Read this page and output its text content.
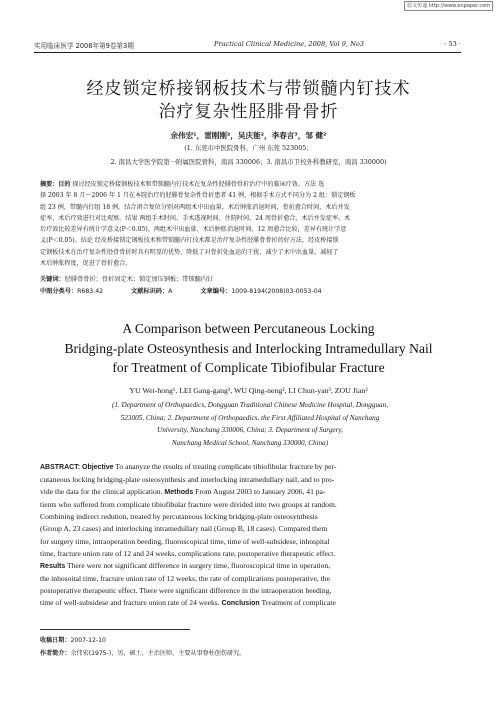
原文传递 http://www.enpaper.com
实用临床医学 2008年第9卷第3期	Practical Clinical Medicine, 2008, Vol 9, No3	· 53 ·
经皮锁定桥接钢板技术与带锁髓内钉技术
治疗复杂性胫腓骨骨折
余伟宏¹，雷刚刚²，吴庆能²，李春言³，邹 健²
(1. 东莞市中医院骨科，广州 东莞 523005；
2. 南昌大学医学院第一附属医院骨科，南昌 330006；3. 南昌市卫校外科教研室，南昌 330000)
摘要：目的 探讨经皮锁定桥接钢板技术和带锁髓内钉技术在复杂性胫腓骨骨折治疗中的临床疗效。方法 选
择 2003 年 8 月～2006 年 1 月在本院治疗的胫腓骨复杂性骨折患者 41 例，根据手术方式不同分为 2 组：锁定钢板
组 23 例，带髓内钉组 18 例。结合闭合复位分别对两组术中出血量、术后肿胀消退时间、骨折愈合时间、术后并发
症率、术后疗效进行对比观察。结果 两组手术时间、手术透视时间、住院时间、24 周骨折愈合、术后并发症率、术
后疗效比较差异有统计学意义(P＜0.05)。两组术中出血量、术后肿胀消退时间、12 周愈合比较，差异有统计学意
义(P＜0.05)。结论 经皮桥接锁定钢板技术和带锁髓内钉技术都是治疗复杂性胫腓骨骨折的好方法，经皮桥接锁
定钢板技术在治疗复杂性胫骨骨折时具有明显的优势，降低了对骨折处血运的干扰、减少了术中出血量，减轻了
术后肿胀程度，促进了骨折愈合。
关键词：胫腓骨骨折；骨折固定术；锁定加压钢板；带锁髓内钉
中图分类号：R683.42	文献标识码：A	文章编号：1009-8194(2008)03-0053-04
A Comparison between Percutaneous Locking
Bridging-plate Osteosynthesis and Interlocking Intramedullary Nail
for Treatment of Complicate Tibiofibular Fracture
YU Wei-hong¹, LEI Gang-gang², WU Qing-neng², LI Chun-yan³, ZOU Jian²
(1. Department of Orthopaedics, Dongguan Traditional Chinese Medicine Hospital, Dongguan,
523005, China; 2. Department of Orthopaedics, the First Affiliated Hospital of Nanchang
University, Nanchang 330006, China; 3. Department of Surgery,
Nanchang Medical School, Nanchang 330000, China)
ABSTRACT: Objective To ananyze the results of treating complicate tibiofibular fracture by per-
cutaneous locking bridging-plate osteosynthesis and interlocking intramedullary nail, and to pro-
vide the data for the clinical application. Methods From August 2003 to January 2006, 41 pa-
tients who suffered from complicate tibiofibular fracture were divided into two groups at random.
Combining indirect redution, treated by percutaneous locking bridging-plate osteosynthesis
(Group A, 23 cases) and interlocking intramedullary nail (Group B, 18 cases). Compared them
for surgery time, intraoperation beeding, fluoroscopical time, time of well-subsidese, inhospital
time, fracture union rate of 12 and 24 weeks, complications rate, postoperative therapeutic effect.
Results There were not significant difference in surgery time, fluoroscopical time in operation,
the inhosoital time, fracture union rate of 12 weeks, the rate of complications postoperative, the
postoperative therapeutic effect. There were significant difference in the intraoperation beeding,
time of well-subsidese and fracture union rate of 24 weeks. Conclusion Treatment of complicate
收稿日期：2007-12-10
作者简介：余伟宏(1975-)，男，硕士，主治医师，主要从事脊柱创伤研究。
